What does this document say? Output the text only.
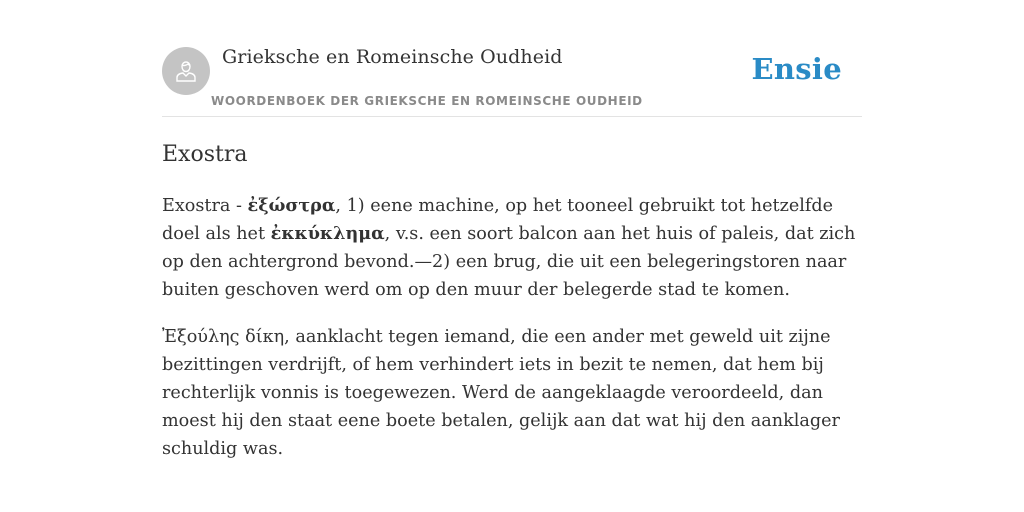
Grieksche en Romeinsche Oudheid
WOORDENBOEK DER GRIEKSCHE EN ROMEINSCHE OUDHEID
Ensie
Exostra

Exostra - ἐξώστρα, 1) eene machine, op het tooneel gebruikt tot hetzelfde doel als het ἐκκύκλημα, v.s. een soort balcon aan het huis of paleis, dat zich op den achtergrond bevond.—2) een brug, die uit een belegeringstoren naar buiten geschoven werd om op den muur der belegerde stad te komen.

Ἐξούλης δίκη, aanklacht tegen iemand, die een ander met geweld uit zijne bezittingen verdrijft, of hem verhindert iets in bezit te nemen, dat hem bij rechterlijk vonnis is toegewezen. Werd de aangeklaagde veroordeeld, dan moest hij den staat eene boete betalen, gelijk aan dat wat hij den aanklager schuldig was.
